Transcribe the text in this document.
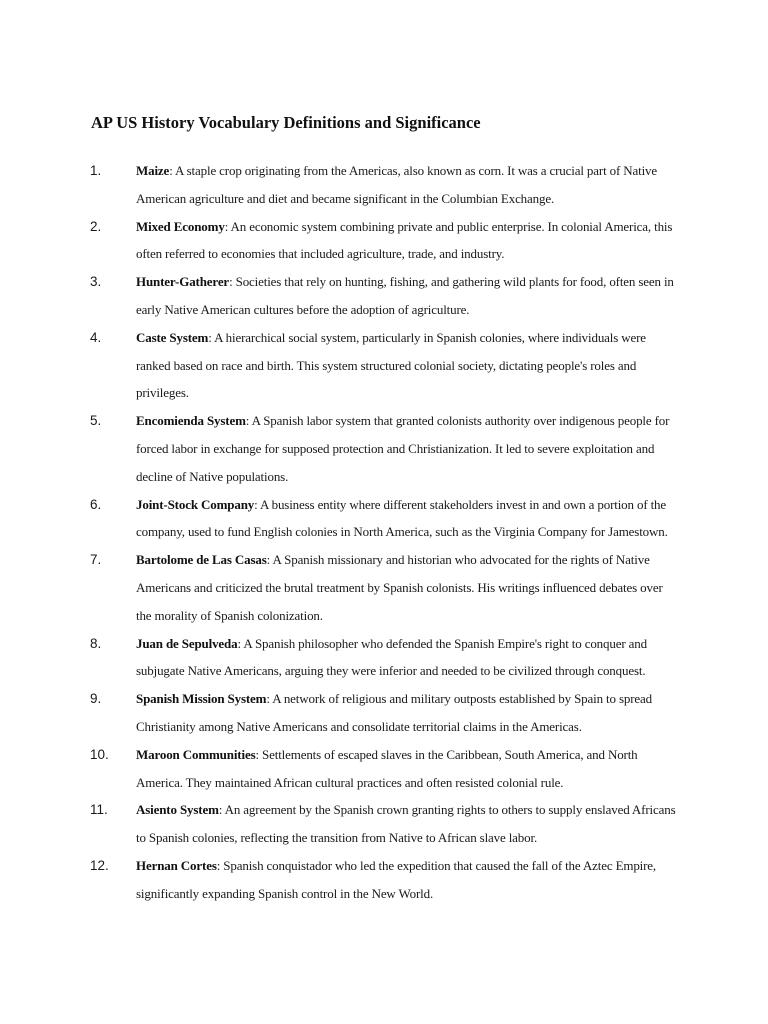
AP US History Vocabulary Definitions and Significance
1.	Maize: A staple crop originating from the Americas, also known as corn. It was a crucial part of Native American agriculture and diet and became significant in the Columbian Exchange.
2.	Mixed Economy: An economic system combining private and public enterprise. In colonial America, this often referred to economies that included agriculture, trade, and industry.
3.	Hunter-Gatherer: Societies that rely on hunting, fishing, and gathering wild plants for food, often seen in early Native American cultures before the adoption of agriculture.
4.	Caste System: A hierarchical social system, particularly in Spanish colonies, where individuals were ranked based on race and birth. This system structured colonial society, dictating people's roles and privileges.
5.	Encomienda System: A Spanish labor system that granted colonists authority over indigenous people for forced labor in exchange for supposed protection and Christianization. It led to severe exploitation and decline of Native populations.
6.	Joint-Stock Company: A business entity where different stakeholders invest in and own a portion of the company, used to fund English colonies in North America, such as the Virginia Company for Jamestown.
7.	Bartolome de Las Casas: A Spanish missionary and historian who advocated for the rights of Native Americans and criticized the brutal treatment by Spanish colonists. His writings influenced debates over the morality of Spanish colonization.
8.	Juan de Sepulveda: A Spanish philosopher who defended the Spanish Empire's right to conquer and subjugate Native Americans, arguing they were inferior and needed to be civilized through conquest.
9.	Spanish Mission System: A network of religious and military outposts established by Spain to spread Christianity among Native Americans and consolidate territorial claims in the Americas.
10.	Maroon Communities: Settlements of escaped slaves in the Caribbean, South America, and North America. They maintained African cultural practices and often resisted colonial rule.
11.	Asiento System: An agreement by the Spanish crown granting rights to others to supply enslaved Africans to Spanish colonies, reflecting the transition from Native to African slave labor.
12.	Hernan Cortes: Spanish conquistador who led the expedition that caused the fall of the Aztec Empire, significantly expanding Spanish control in the New World.
